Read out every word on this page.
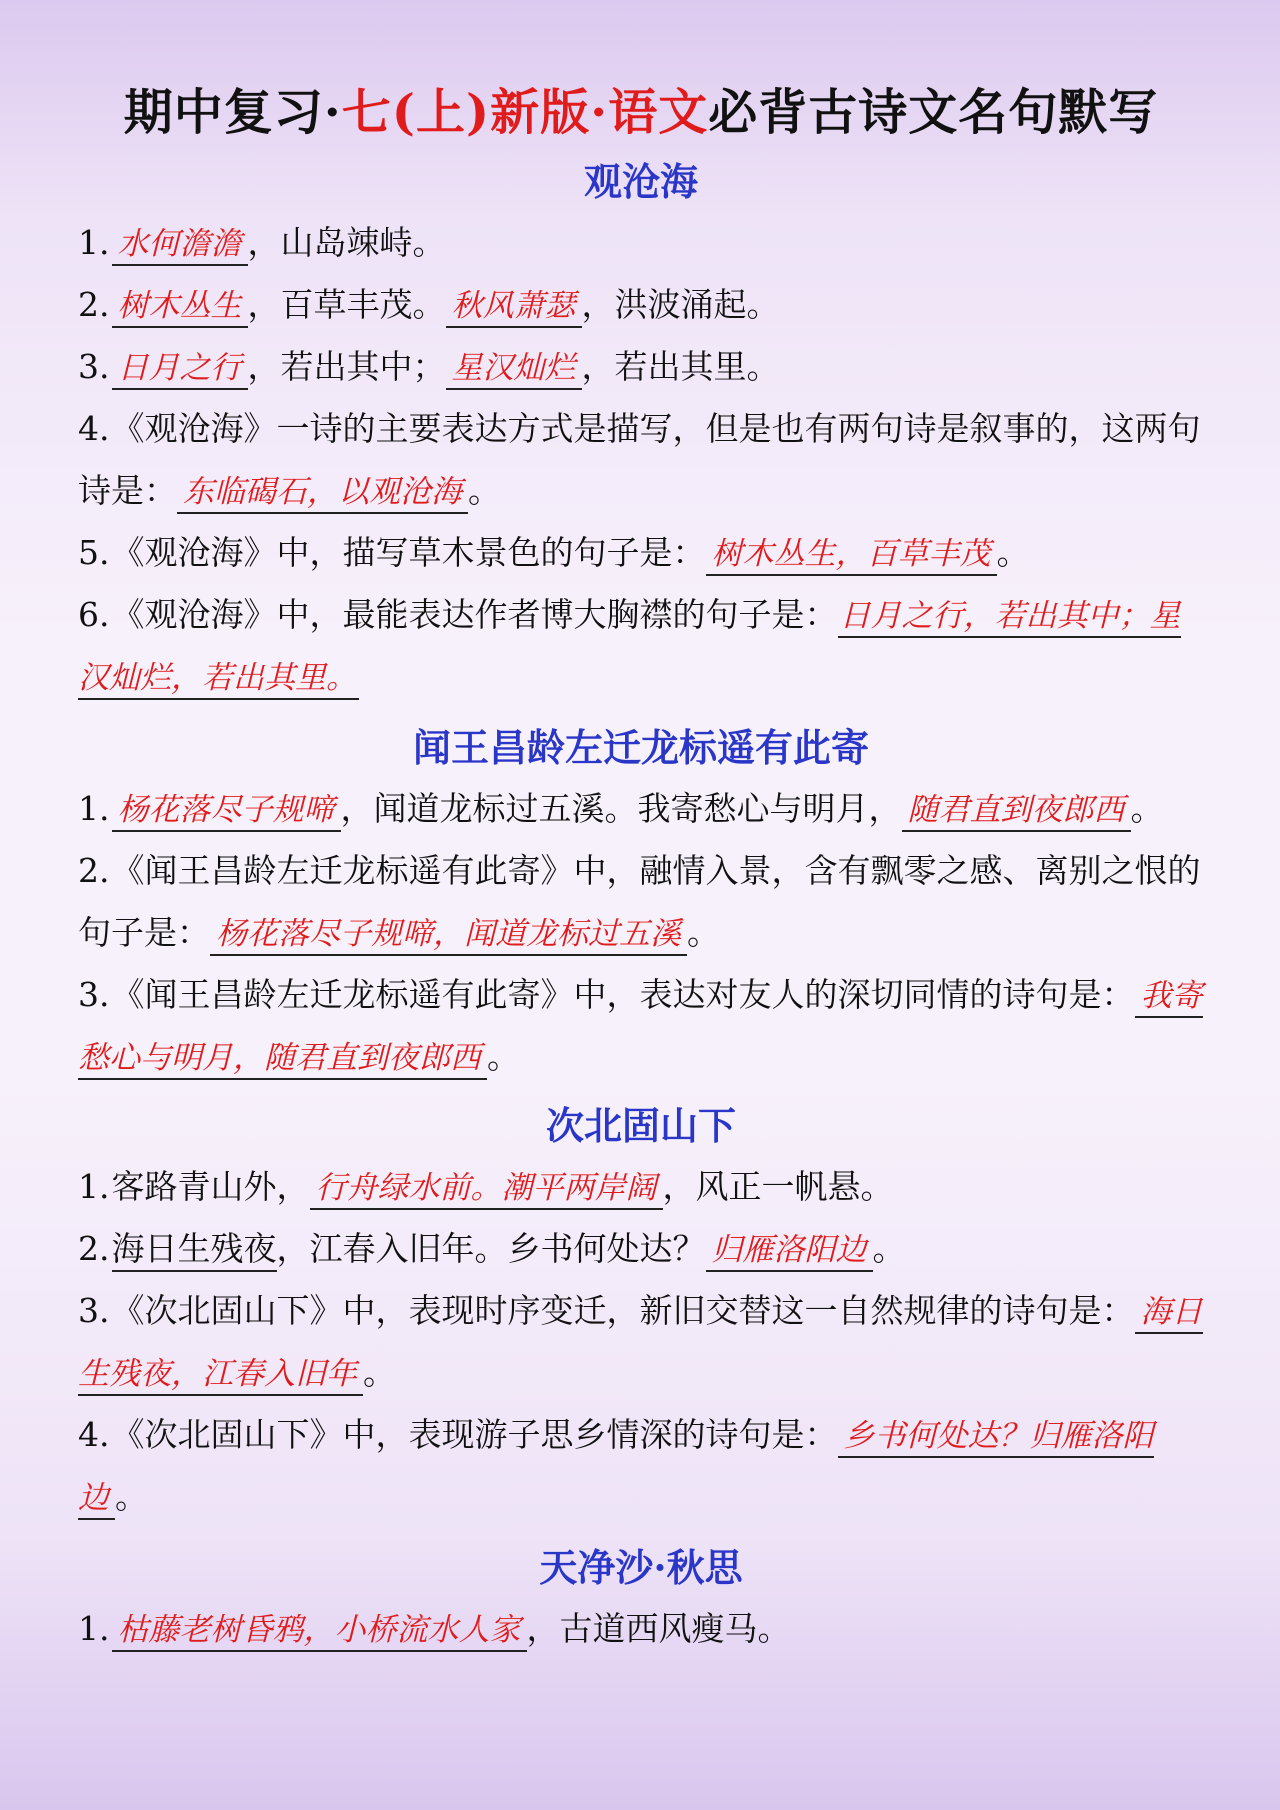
期中复习·七(上)新版·语文必背古诗文名句默写
观沧海

1. 水何澹澹 ，山岛竦峙。

2. 树木丛生 ，百草丰茂。 秋风萧瑟 ，洪波涌起。

3. 日月之行 ，若出其中； 星汉灿烂 ，若出其里。

4.《观沧海》一诗的主要表达方式是描写，但是也有两句诗是叙事的，这两句诗是： 东临碣石，以观沧海 。

5.《观沧海》中，描写草木景色的句子是： 树木丛生，百草丰茂 。

6.《观沧海》中，最能表达作者博大胸襟的句子是：日月之行，若出其中；星汉灿烂，若出其里。

闻王昌龄左迁龙标遥有此寄

1. 杨花落尽子规啼 ，闻道龙标过五溪。我寄愁心与明月， 随君直到夜郎西 。

2.《闻王昌龄左迁龙标遥有此寄》中，融情入景，含有飘零之感、离别之恨的句子是： 杨花落尽子规啼，闻道龙标过五溪 。

3.《闻王昌龄左迁龙标遥有此寄》中，表达对友人的深切同情的诗句是： 我寄愁心与明月，随君直到夜郎西 。

次北固山下

1.客路青山外， 行舟绿水前。潮平两岸阔 ，风正一帆悬。

2.海日生残夜，江春入旧年。乡书何处达？ 归雁洛阳边 。

3.《次北固山下》中，表现时序变迁，新旧交替这一自然规律的诗句是： 海日生残夜，江春入旧年 。

4.《次北固山下》中，表现游子思乡情深的诗句是： 乡书何处达？归雁洛阳边 。

天净沙·秋思

1. 枯藤老树昏鸦，小桥流水人家 ，古道西风瘦马。
